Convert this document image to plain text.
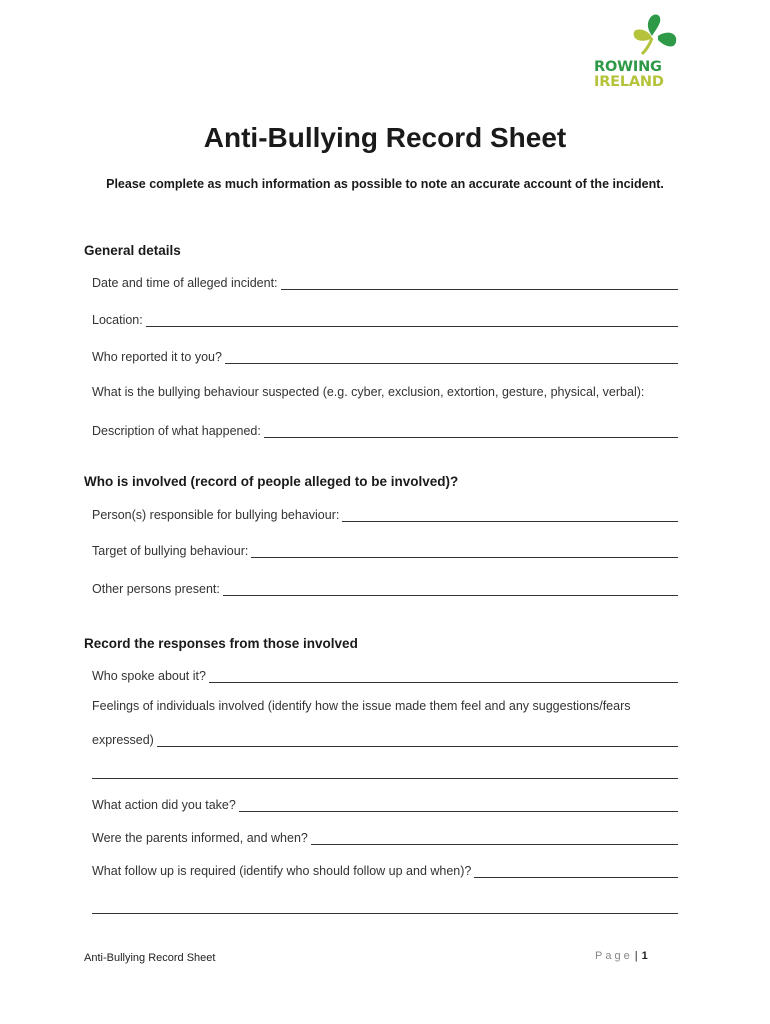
ROWING
IRELAND
Anti-Bullying Record Sheet
Please complete as much information as possible to note an accurate account of the incident.
General details
Date and time of alleged incident:
Location:
Who reported it to you?
What is the bullying behaviour suspected (e.g. cyber, exclusion, extortion, gesture, physical, verbal):
Description of what happened:
Who is involved (record of people alleged to be involved)?
Person(s) responsible for bullying behaviour:
Target of bullying behaviour:
Other persons present:
Record the responses from those involved
Who spoke about it?
Feelings of individuals involved (identify how the issue made them feel and any suggestions/fears
expressed)
What action did you take?
Were the parents informed, and when?
What follow up is required (identify who should follow up and when)?
Anti-Bullying Record Sheet	Page | 1
